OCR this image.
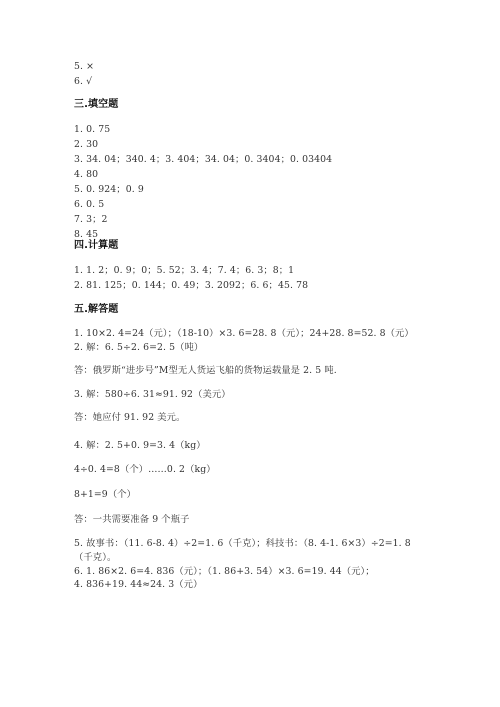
5. ×
6. √
三.填空题
1. 0. 75
2. 30
3. 34. 04；340. 4；3. 404；34. 04；0. 3404；0. 03404
4. 80
5. 0. 924；0. 9
6. 0. 5
7. 3；2
8. 45
四.计算题
1. 1. 2；0. 9；0；5. 52；3. 4；7. 4；6. 3；8；1
2. 81. 125；0. 144；0. 49；3. 2092；6. 6；45. 78
五.解答题
1. 10×2. 4=24（元）；（18-10）×3. 6=28. 8（元）；24+28. 8=52. 8（元）
2. 解：6. 5÷2. 6=2. 5（吨）
答：俄罗斯“进步号”M型无人货运飞船的货物运载量是 2. 5 吨.
3. 解：580÷6. 31≈91. 92（美元）
答：她应付 91. 92 美元。
4. 解：2. 5+0. 9=3. 4（kg）
4÷0. 4=8（个）……0. 2（kg）
8+1=9（个）
答：一共需要准备 9 个瓶子
5. 故事书：（11. 6-8. 4）÷2=1. 6（千克）；科技书：（8. 4-1. 6×3）÷2=1. 8
（千克）。
6. 1. 86×2. 6=4. 836（元）；（1. 86+3. 54）×3. 6=19. 44（元）；
4. 836+19. 44≈24. 3（元）
